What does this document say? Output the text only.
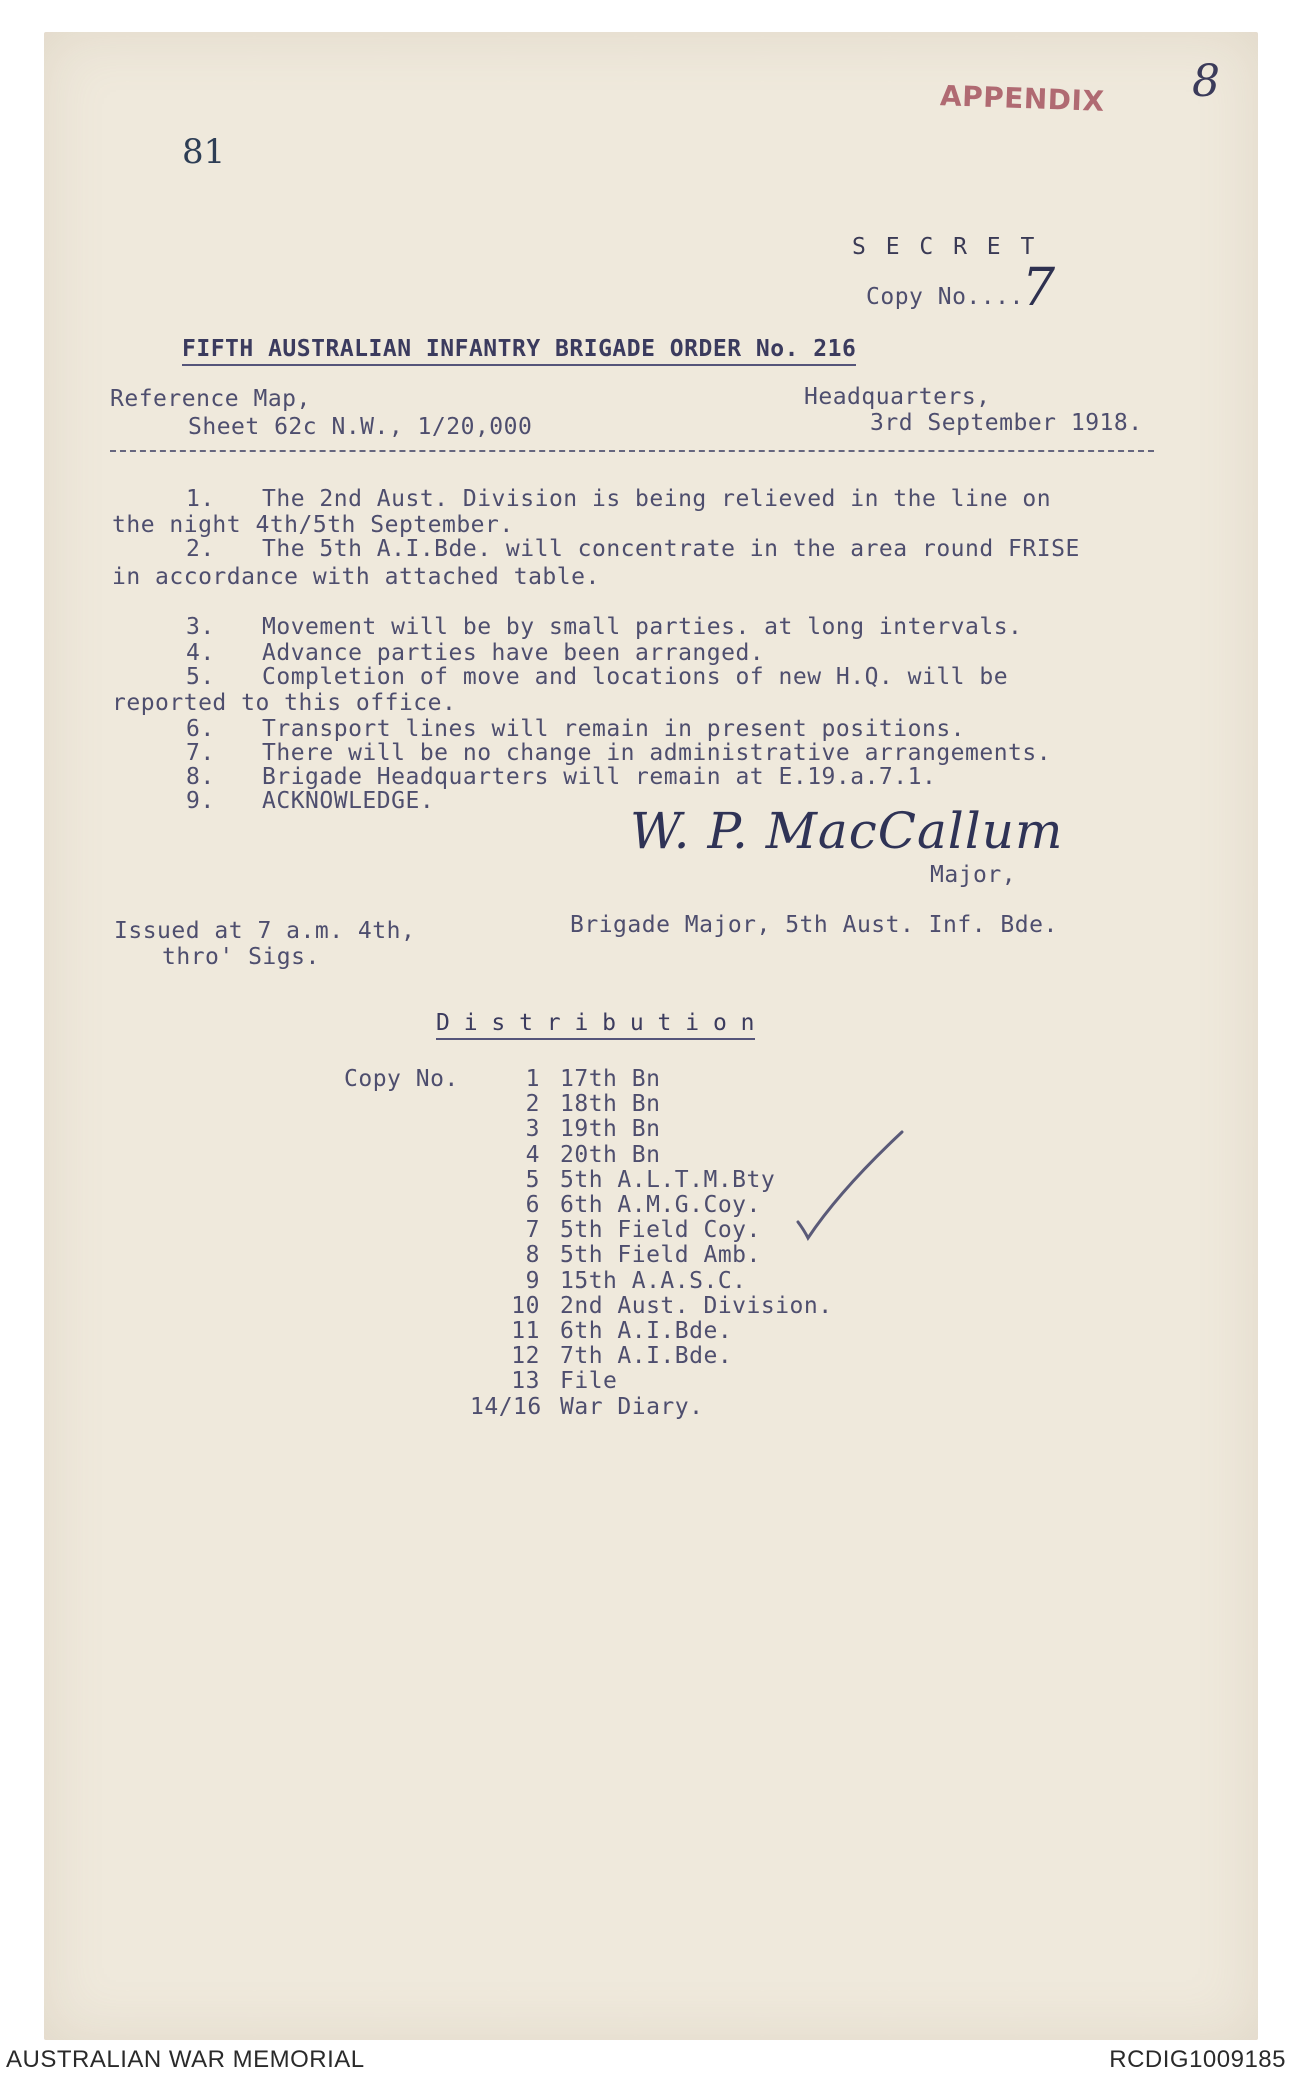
81
APPENDIX 8
S E C R E T
Copy No....
7
FIFTH AUSTRALIAN INFANTRY BRIGADE ORDER No. 216
Reference Map,
Sheet 62c N.W., 1/20,000
Headquarters,
3rd September 1918.
1. The 2nd Aust. Division is being relieved in the line on
the night 4th/5th September.
2. The 5th A.I.Bde. will concentrate in the area round FRISE
in accordance with attached table.
3. Movement will be by small parties. at long intervals.
4. Advance parties have been arranged.
5. Completion of move and locations of new H.Q. will be
reported to this office.
6. Transport lines will remain in present positions.
7. There will be no change in administrative arrangements.
8. Brigade Headquarters will remain at E.19.a.7.1.
9. ACKNOWLEDGE.
W. P. MacCallum
Major,
Issued at 7 a.m. 4th,
thro' Sigs.
Brigade Major, 5th Aust. Inf. Bde.
D i s t r i b u t i o n
Copy No.	1 17th Bn
2 18th Bn
3 19th Bn
4 20th Bn
5 5th A.L.T.M.Bty
6 6th A.M.G.Coy.
7 5th Field Coy.
8 5th Field Amb.
9 15th A.A.S.C.
10 2nd Aust. Division.
11 6th A.I.Bde.
12 7th A.I.Bde.
13 File
14/16 War Diary.
AUSTRALIAN WAR MEMORIAL	RCDIG1009185
